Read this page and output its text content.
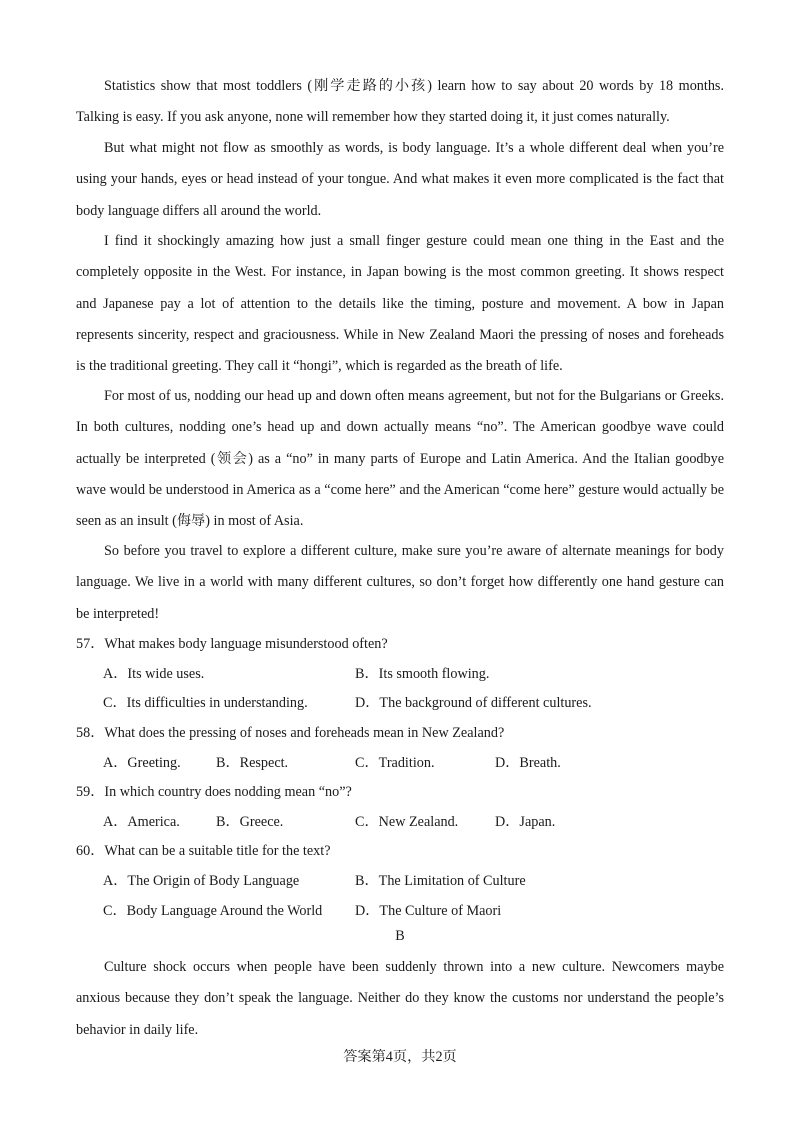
Statistics show that most toddlers (刚学走路的小孩) learn how to say about 20 words by 18 months. Talking is easy. If you ask anyone, none will remember how they started doing it, it just comes naturally.

But what might not flow as smoothly as words, is body language. It’s a whole different deal when you’re using your hands, eyes or head instead of your tongue. And what makes it even more complicated is the fact that body language differs all around the world.

I find it shockingly amazing how just a small finger gesture could mean one thing in the East and the completely opposite in the West. For instance, in Japan bowing is the most common greeting. It shows respect and Japanese pay a lot of attention to the details like the timing, posture and movement. A bow in Japan represents sincerity, respect and graciousness. While in New Zealand Maori the pressing of noses and foreheads is the traditional greeting. They call it “hongi”, which is regarded as the breath of life.

For most of us, nodding our head up and down often means agreement, but not for the Bulgarians or Greeks. In both cultures, nodding one’s head up and down actually means “no”. The American goodbye wave could actually be interpreted (领会) as a “no” in many parts of Europe and Latin America. And the Italian goodbye wave would be understood in America as a “come here” and the American “come here” gesture would actually be seen as an insult (侮辱) in most of Asia.

So before you travel to explore a different culture, make sure you’re aware of alternate meanings for body language. We live in a world with many different cultures, so don’t forget how differently one hand gesture can be interpreted!

57．What makes body language misunderstood often?

A．Its wide uses.	B．Its smooth flowing.

C．Its difficulties in understanding.	D．The background of different cultures.

58．What does the pressing of noses and foreheads mean in New Zealand?

A．Greeting. B．Respect.	C．Tradition.	D．Breath.

59．In which country does nodding mean “no”?

A．America.	B．Greece.	C．New Zealand.	D．Japan.

60．What can be a suitable title for the text?

A．The Origin of Body Language	B．The Limitation of Culture

C．Body Language Around the World D．The Culture of Maori

B

Culture shock occurs when people have been suddenly thrown into a new culture. Newcomers maybe anxious because they don’t speak the language. Neither do they know the customs nor understand the people’s behavior in daily life.

答案第4页，共2页
